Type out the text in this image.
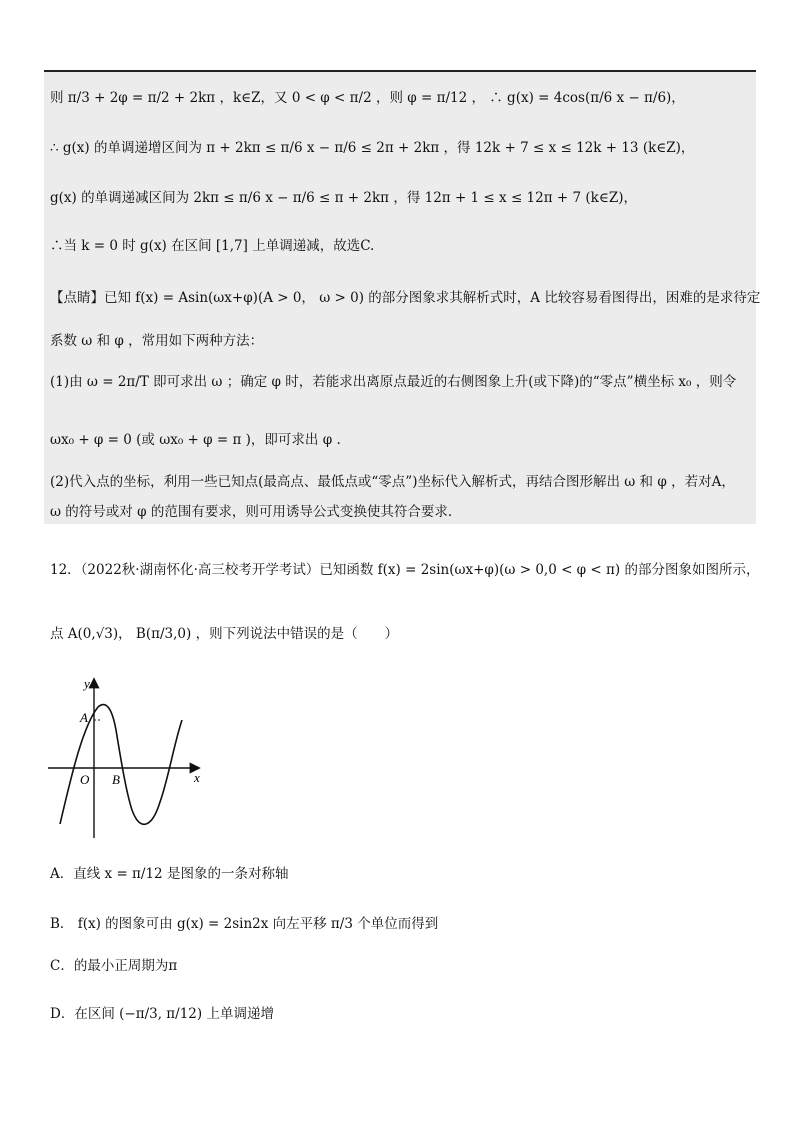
则 π/3 + 2φ = π/2 + 2kπ ，k∈Z，又 0 < φ < π/2 ，则 φ = π/12 ， ∴ g(x) = 4cos(π/6 x − π/6)，
∴ g(x) 的单调递增区间为 π + 2kπ ≤ π/6 x − π/6 ≤ 2π + 2kπ ，得 12k + 7 ≤ x ≤ 12k + 13 (k∈Z)，
g(x) 的单调递减区间为 2kπ ≤ π/6 x − π/6 ≤ π + 2kπ ，得 12π + 1 ≤ x ≤ 12π + 7 (k∈Z)，
∴当 k = 0 时 g(x) 在区间 [1,7] 上单调递减，故选C.
【点睛】已知 f(x) = Asin(ωx+φ)(A > 0， ω > 0) 的部分图象求其解析式时，A 比较容易看图得出，困难的是求待定
系数 ω 和 φ ，常用如下两种方法：
(1)由 ω = 2π/T 即可求出 ω ；确定 φ 时，若能求出离原点最近的右侧图象上升(或下降)的“零点”横坐标 x₀ ，则令
ωx₀ + φ = 0 (或 ωx₀ + φ = π )，即可求出 φ .
(2)代入点的坐标，利用一些已知点(最高点、最低点或“零点”)坐标代入解析式，再结合图形解出 ω 和 φ ，若对A，
ω 的符号或对 φ 的范围有要求，则可用诱导公式变换使其符合要求.
12．（2022秋·湖南怀化·高三校考开学考试）已知函数 f(x) = 2sin(ωx+φ)(ω > 0,0 < φ < π) 的部分图象如图所示，
点 A(0,√3)， B(π/3,0) ，则下列说法中错误的是（　　）
y
x
O
A
B
A．直线 x = π/12 是图象的一条对称轴
B． f(x) 的图象可由 g(x) = 2sin2x 向左平移 π/3 个单位而得到
C．的最小正周期为π
D．在区间 (−π/3, π/12) 上单调递增
